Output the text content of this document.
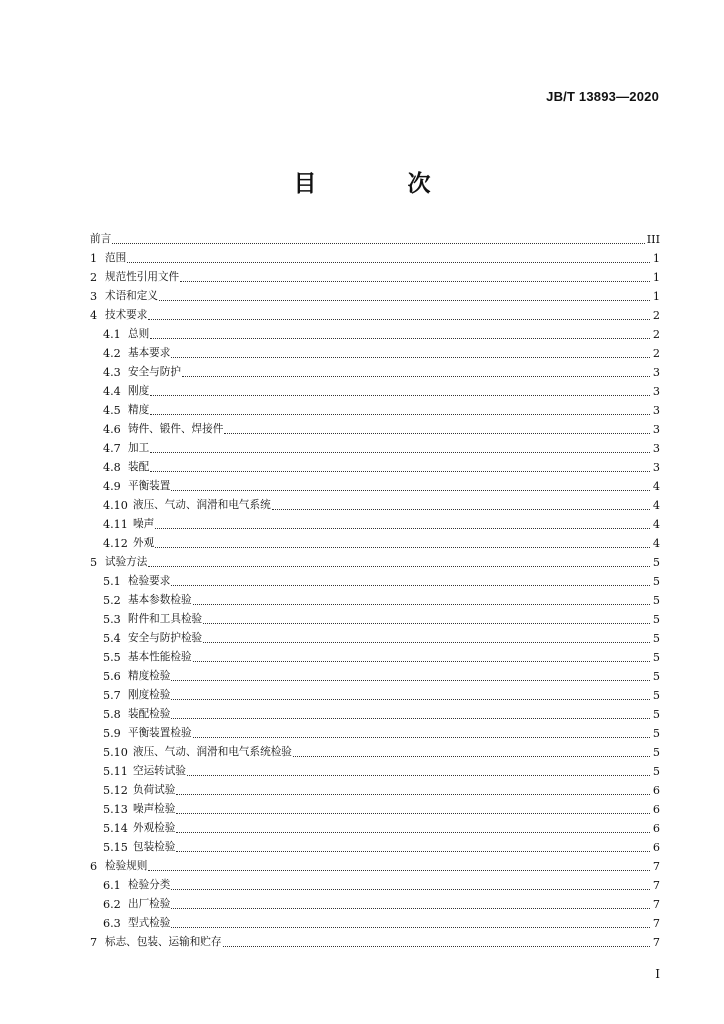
JB/T 13893—2020
目　次
前言	III
1 范围	1
2 规范性引用文件	1
3 术语和定义	1
4 技术要求	2
4.1 总则	2
4.2 基本要求	2
4.3 安全与防护	3
4.4 刚度	3
4.5 精度	3
4.6 铸件、锻件、焊接件	3
4.7 加工	3
4.8 装配	3
4.9 平衡装置	4
4.10 液压、气动、润滑和电气系统	4
4.11 噪声	4
4.12 外观	4
5 试验方法	5
5.1 检验要求	5
5.2 基本参数检验	5
5.3 附件和工具检验	5
5.4 安全与防护检验	5
5.5 基本性能检验	5
5.6 精度检验	5
5.7 刚度检验	5
5.8 装配检验	5
5.9 平衡装置检验	5
5.10 液压、气动、润滑和电气系统检验	5
5.11 空运转试验	5
5.12 负荷试验	6
5.13 噪声检验	6
5.14 外观检验	6
5.15 包装检验	6
6 检验规则	7
6.1 检验分类	7
6.2 出厂检验	7
6.3 型式检验	7
7 标志、包装、运输和贮存	7
I
